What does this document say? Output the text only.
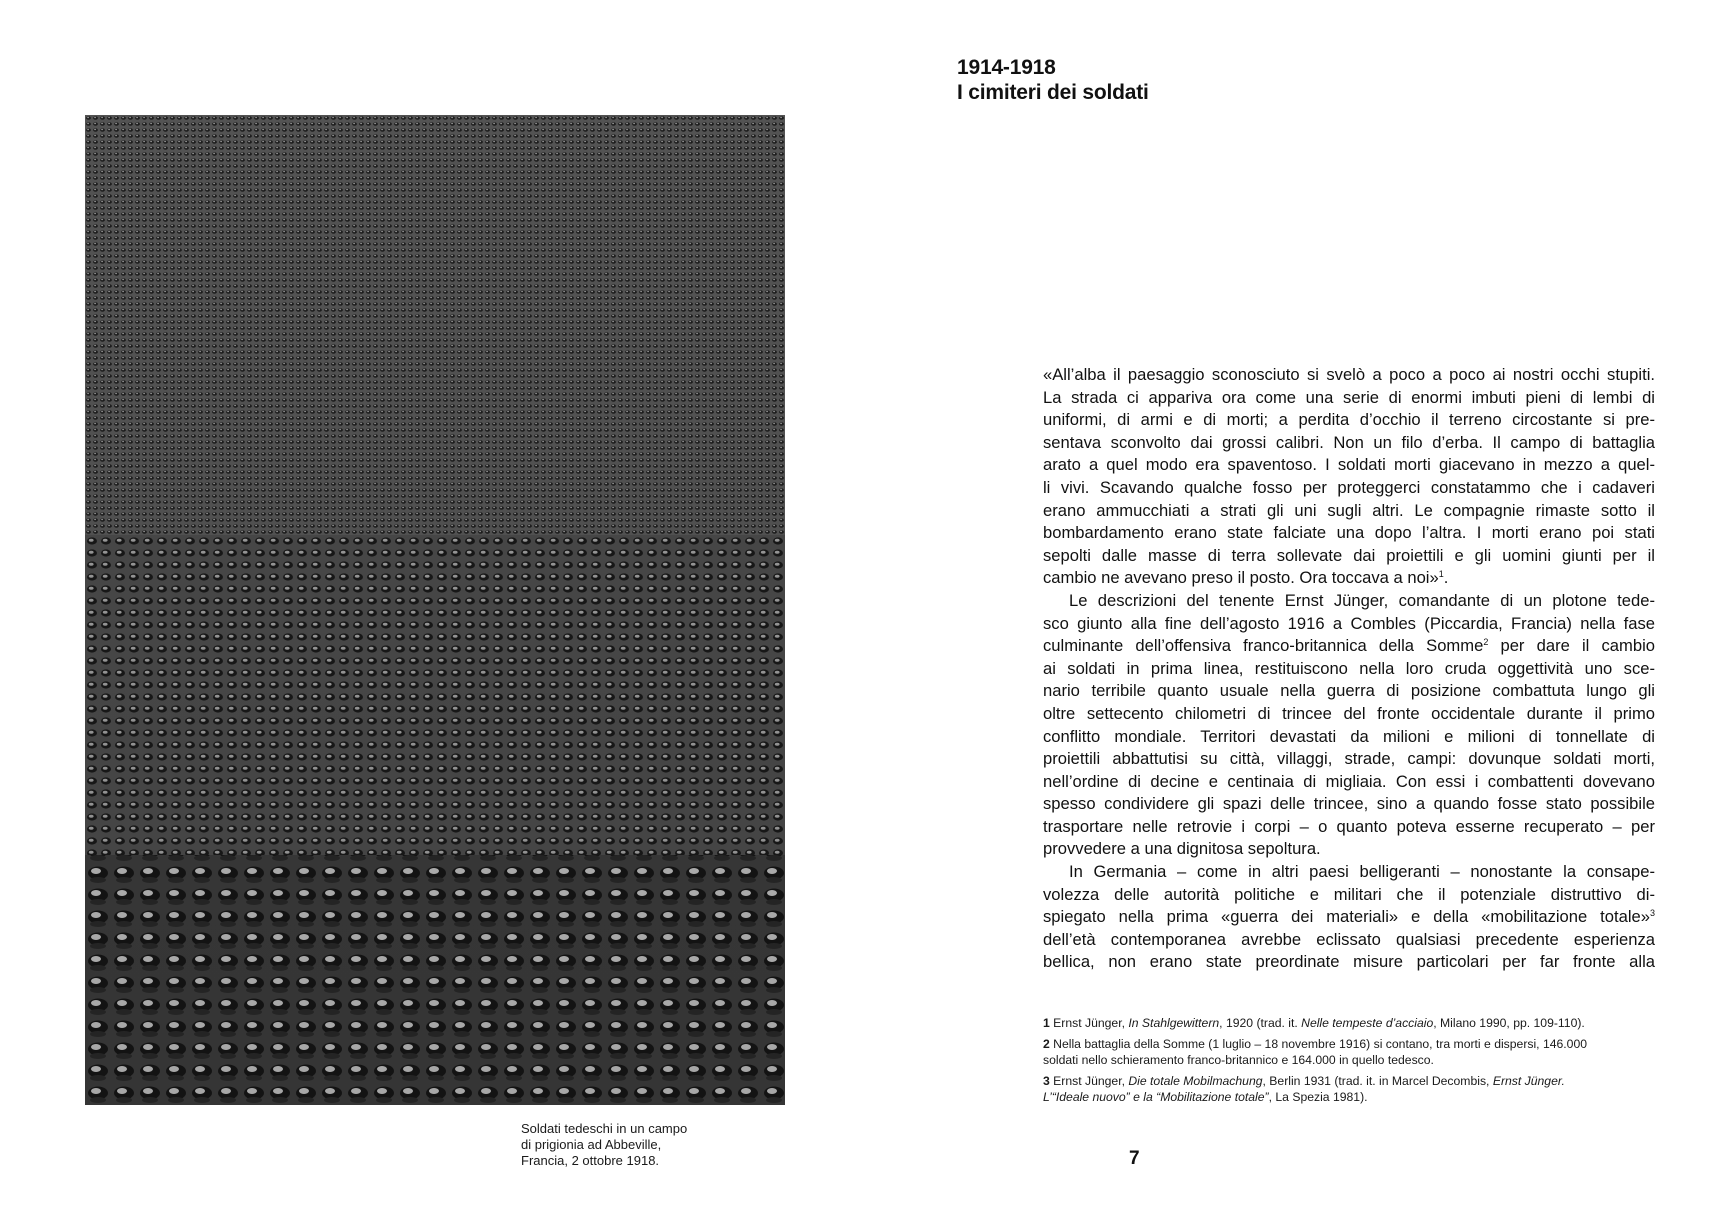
Soldati tedeschi in un campo
di prigionia ad Abbeville,
Francia, 2 ottobre 1918.
1914-1918
I cimiteri dei soldati
«All’alba il paesaggio sconosciuto si svelò a poco a poco ai nostri occhi stupiti.
La strada ci appariva ora come una serie di enormi imbuti pieni di lembi di
uniformi, di armi e di morti; a perdita d’occhio il terreno circostante si pre-
sentava sconvolto dai grossi calibri. Non un filo d’erba. Il campo di battaglia
arato a quel modo era spaventoso. I soldati morti giacevano in mezzo a quel-
li vivi. Scavando qualche fosso per proteggerci constatammo che i cadaveri
erano ammucchiati a strati gli uni sugli altri. Le compagnie rimaste sotto il
bombardamento erano state falciate una dopo l’altra. I morti erano poi stati
sepolti dalle masse di terra sollevate dai proiettili e gli uomini giunti per il
cambio ne avevano preso il posto. Ora toccava a noi»$^1$.
Le descrizioni del tenente Ernst Jünger, comandante di un plotone tede-
sco giunto alla fine dell’agosto 1916 a Combles (Piccardia, Francia) nella fase
culminante dell’offensiva franco-britannica della Somme$^2$ per dare il cambio
ai soldati in prima linea, restituiscono nella loro cruda oggettività uno sce-
nario terribile quanto usuale nella guerra di posizione combattuta lungo gli
oltre settecento chilometri di trincee del fronte occidentale durante il primo
conflitto mondiale. Territori devastati da milioni e milioni di tonnellate di
proiettili abbattutisi su città, villaggi, strade, campi: dovunque soldati morti,
nell’ordine di decine e centinaia di migliaia. Con essi i combattenti dovevano
spesso condividere gli spazi delle trincee, sino a quando fosse stato possibile
trasportare nelle retrovie i corpi – o quanto poteva esserne recuperato – per
provvedere a una dignitosa sepoltura.
In Germania – come in altri paesi belligeranti – nonostante la consape-
volezza delle autorità politiche e militari che il potenziale distruttivo di-
spiegato nella prima «guerra dei materiali» e della «mobilitazione totale»$^3$
dell’età contemporanea avrebbe eclissato qualsiasi precedente esperienza
bellica, non erano state preordinate misure particolari per far fronte alla
1 Ernst Jünger, In Stahlgewittern, 1920 (trad. it. Nelle tempeste d’acciaio, Milano 1990, pp. 109-110).
2 Nella battaglia della Somme (1 luglio – 18 novembre 1916) si contano, tra morti e dispersi, 146.000
soldati nello schieramento franco-britannico e 164.000 in quello tedesco.
3 Ernst Jünger, Die totale Mobilmachung, Berlin 1931 (trad. it. in Marcel Decombis, Ernst Jünger.
L’“Ideale nuovo” e la “Mobilitazione totale”, La Spezia 1981).
7
